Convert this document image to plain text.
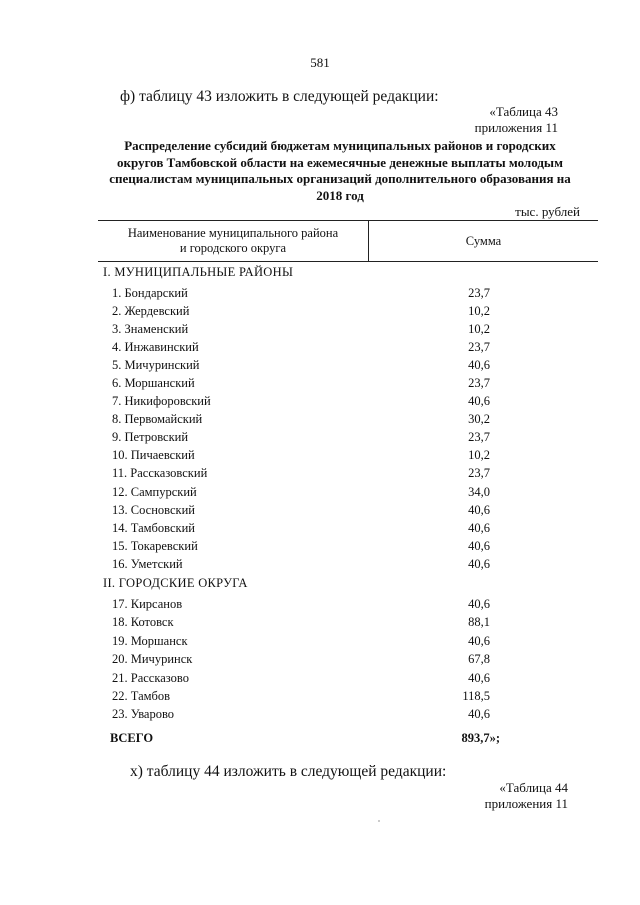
581
ф) таблицу 43 изложить в следующей редакции:
«Таблица 43
приложения 11
Распределение субсидий бюджетам муниципальных районов и городских округов Тамбовской области на ежемесячные денежные выплаты молодым специалистам муниципальных организаций дополнительного образования на 2018 год
тыс. рублей
Наименование муниципального района
и городского округа
Сумма
I. МУНИЦИПАЛЬНЫЕ РАЙОНЫ
1. Бондарский	23,7
2. Жердевский	10,2
3. Знаменский	10,2
4. Инжавинский	23,7
5. Мичуринский	40,6
6. Моршанский	23,7
7. Никифоровский	40,6
8. Первомайский	30,2
9. Петровский	23,7
10. Пичаевский	10,2
11. Рассказовский	23,7
12. Сампурский	34,0
13. Сосновский	40,6
14. Тамбовский	40,6
15. Токаревский	40,6
16. Уметский	40,6
II. ГОРОДСКИЕ ОКРУГА
17. Кирсанов	40,6
18. Котовск	88,1
19. Моршанск	40,6
20. Мичуринск	67,8
21. Рассказово	40,6
22. Тамбов	118,5
23. Уварово	40,6
ВСЕГО	893,7»;
х) таблицу 44 изложить в следующей редакции:
«Таблица 44
приложения 11
